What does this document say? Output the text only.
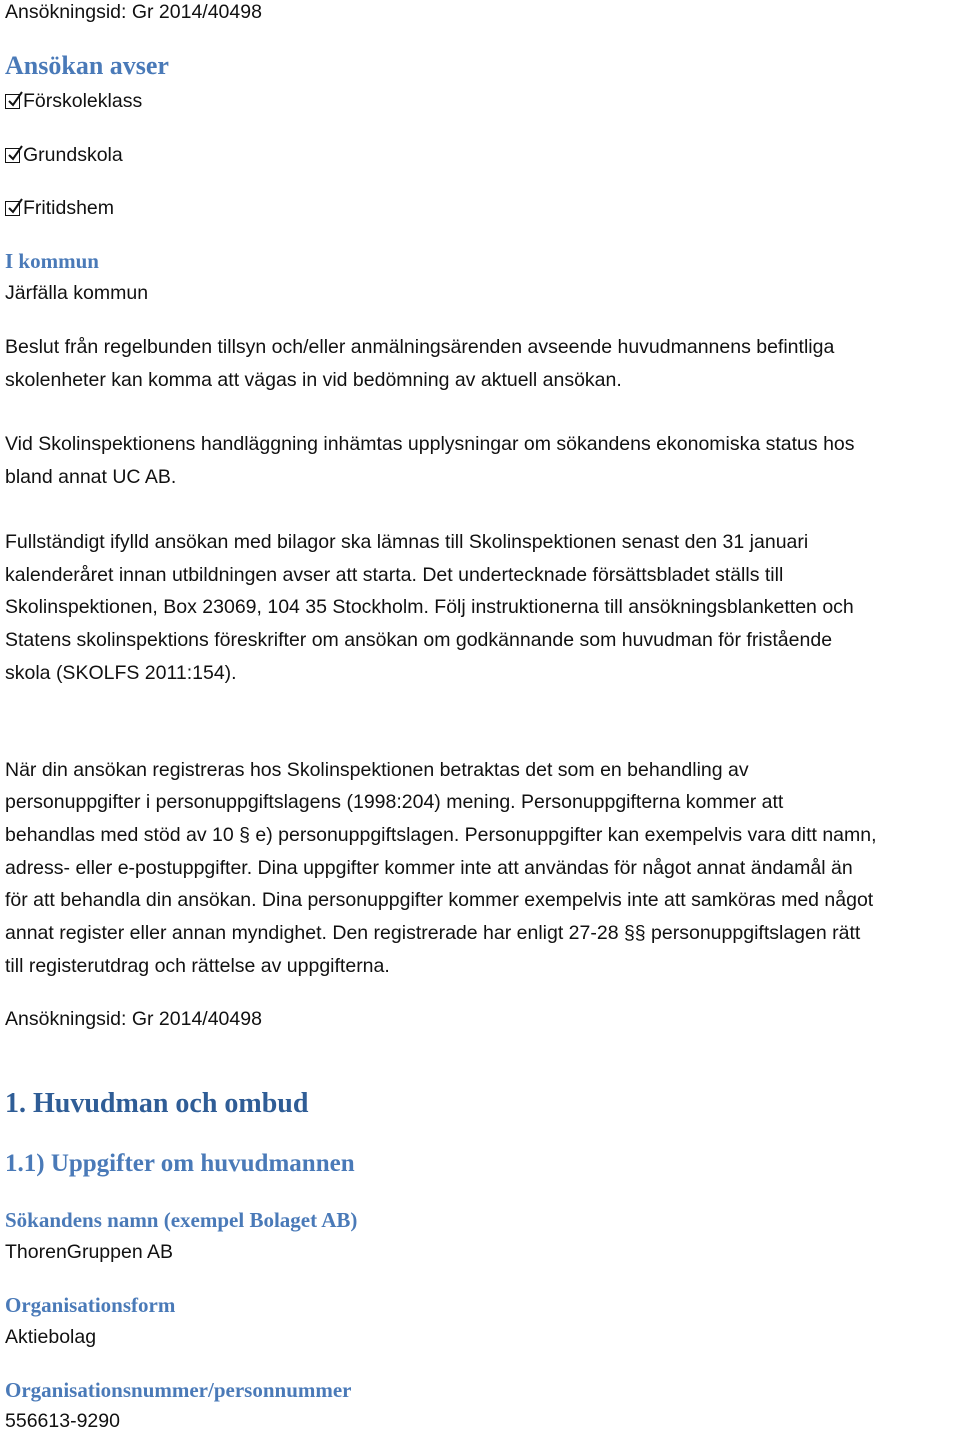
Ansökningsid: Gr 2014/40498
Ansökan avser
Förskoleklass
Grundskola
Fritidshem
I kommun
Järfälla kommun
Beslut från regelbunden tillsyn och/eller anmälningsärenden avseende huvudmannens befintliga
skolenheter kan komma att vägas in vid bedömning av aktuell ansökan.
Vid Skolinspektionens handläggning inhämtas upplysningar om sökandens ekonomiska status hos
bland annat UC AB.
Fullständigt ifylld ansökan med bilagor ska lämnas till Skolinspektionen senast den 31 januari
kalenderåret innan utbildningen avser att starta. Det undertecknade försättsbladet ställs till
Skolinspektionen, Box 23069, 104 35 Stockholm. Följ instruktionerna till ansökningsblanketten och
Statens skolinspektions föreskrifter om ansökan om godkännande som huvudman för fristående
skola (SKOLFS 2011:154).
När din ansökan registreras hos Skolinspektionen betraktas det som en behandling av
personuppgifter i personuppgiftslagens (1998:204) mening. Personuppgifterna kommer att
behandlas med stöd av 10 § e) personuppgiftslagen. Personuppgifter kan exempelvis vara ditt namn,
adress- eller e-postuppgifter. Dina uppgifter kommer inte att användas för något annat ändamål än
för att behandla din ansökan. Dina personuppgifter kommer exempelvis inte att samköras med något
annat register eller annan myndighet. Den registrerade har enligt 27-28 §§ personuppgiftslagen rätt
till registerutdrag och rättelse av uppgifterna.
Ansökningsid: Gr 2014/40498
1. Huvudman och ombud
1.1) Uppgifter om huvudmannen
Sökandens namn (exempel Bolaget AB)
ThorenGruppen AB
Organisationsform
Aktiebolag
Organisationsnummer/personnummer
556613-9290
